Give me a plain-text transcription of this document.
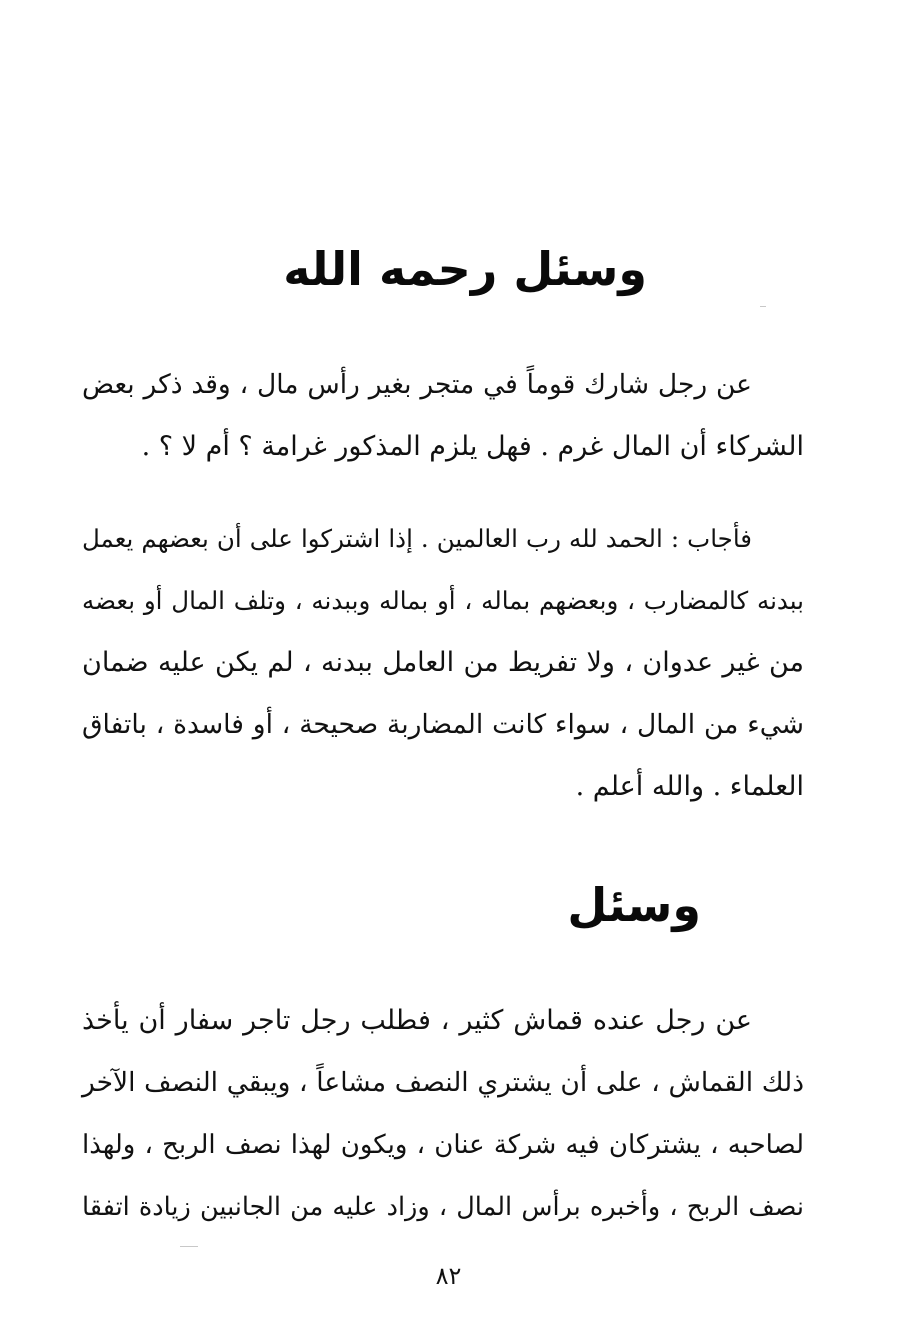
وسئل رحمه الله
عن رجل شارك قوماً في متجر بغير رأس مال ، وقد ذكر بعض
الشركاء أن المال غرم . فهل يلزم المذكور غرامة ؟ أم لا ؟ .
فأجاب : الحمد لله رب العالمين . إذا اشتركوا على أن بعضهم يعمل
ببدنه كالمضارب ، وبعضهم بماله ، أو بماله وببدنه ، وتلف المال أو بعضه
من غير عدوان ، ولا تفريط من العامل ببدنه ، لم يكن عليه ضمان
شيء من المال ، سواء كانت المضاربة صحيحة ، أو فاسدة ، باتفاق
العلماء . والله أعلم .
وسئل
عن رجل عنده قماش كثير ، فطلب رجل تاجر سفار أن يأخذ
ذلك القماش ، على أن يشتري النصف مشاعاً ، ويبقي النصف الآخر
لصاحبه ، يشتركان فيه شركة عنان ، ويكون لهذا نصف الربح ، ولهذا
نصف الربح ، وأخبره برأس المال ، وزاد عليه من الجانبين زيادة اتفقا
٨٢
